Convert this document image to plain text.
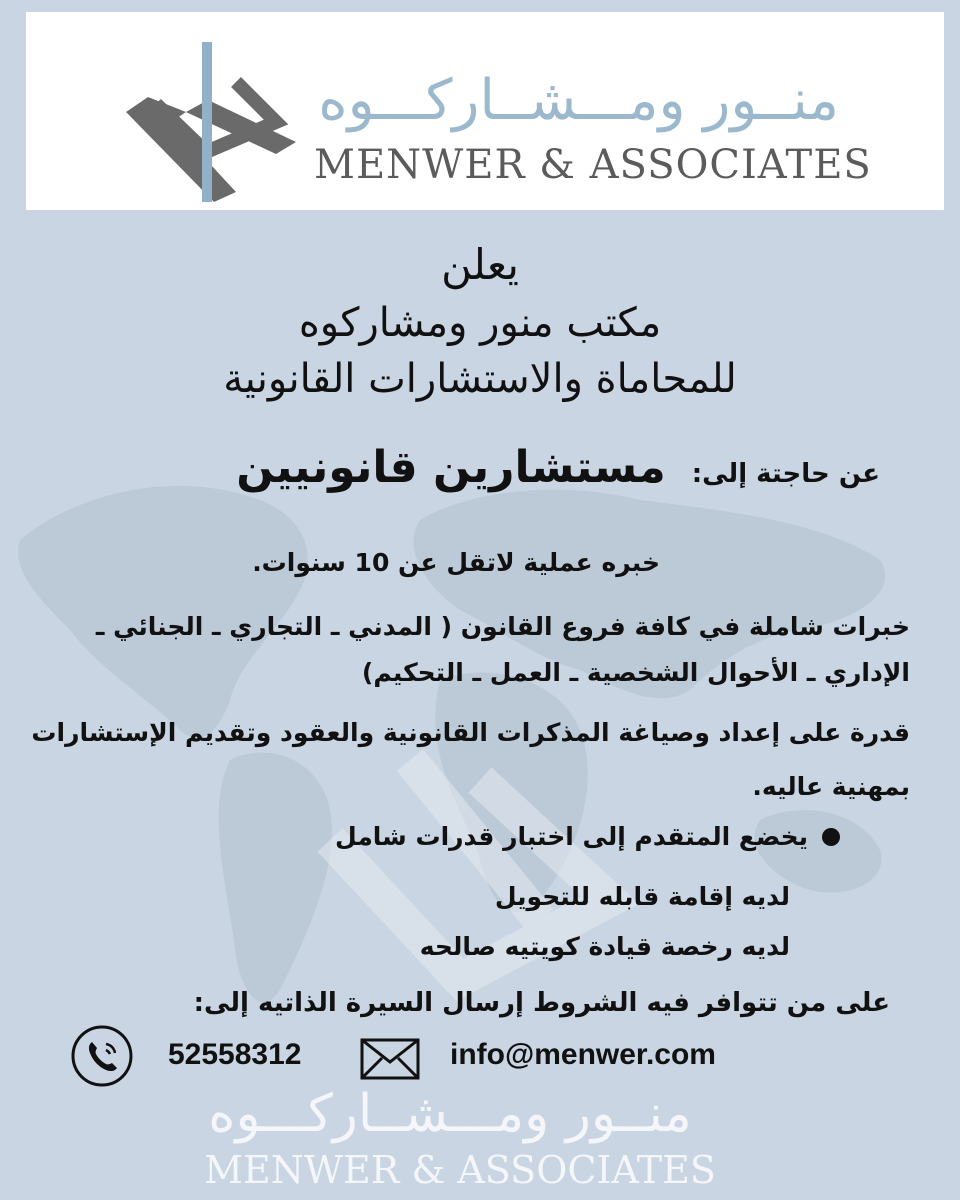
منــور ومـــشــاركـــوه
MENWER & ASSOCIATES
يعلن
مكتب منور ومشاركوه
للمحاماة والاستشارات القانونية
عن حاجتة إلى:
مستشارين قانونيين
خبره عملية لاتقل عن 10 سنوات.
خبرات شاملة في كافة فروع القانون ( المدني ـ التجاري ـ الجنائي ـ الإداري ـ الأحوال الشخصية ـ العمل ـ التحكيم)
قدرة على إعداد وصياغة المذكرات القانونية والعقود وتقديم الإستشارات بمهنية عاليه.
يخضع المتقدم إلى اختبار قدرات شامل
لديه إقامة قابله للتحويل
لديه رخصة قيادة كويتيه صالحه
على من تتوافر فيه الشروط إرسال السيرة الذاتيه إلى:
52558312	info@menwer.com
منــور ومـــشــاركـــوه
MENWER & ASSOCIATES
